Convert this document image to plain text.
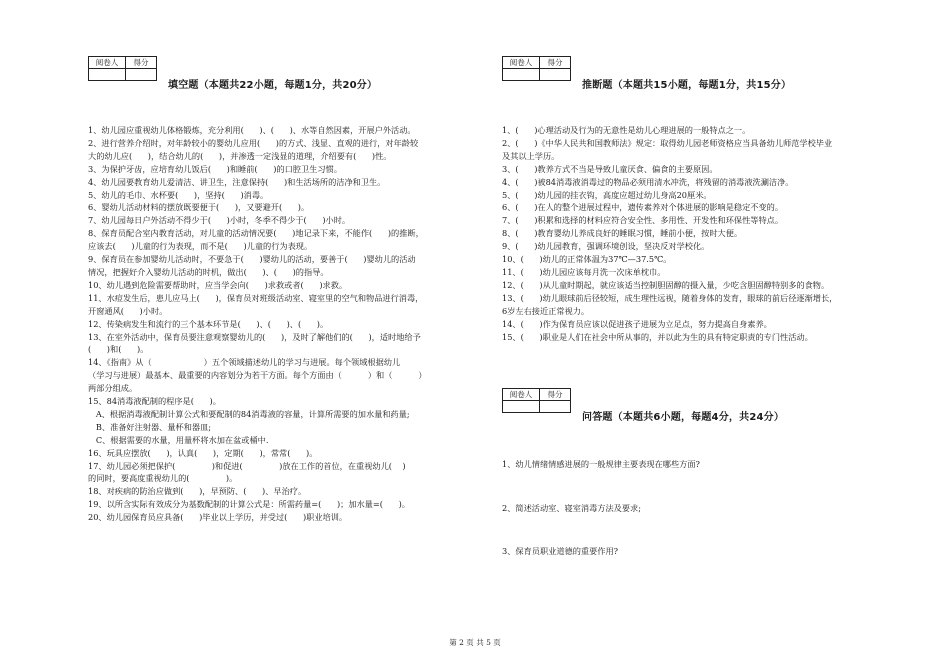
阅卷人	得分

填空题（本题共22小题，每题1分，共20分）
1、幼儿园应重视幼儿体格锻炼，充分利用(      )、(      )、水等自然因素，开展户外活动。
2、进行营养介绍时，对年龄较小的婴幼儿应用(      )的方式、浅显、直观的进行，对年龄较
大的幼儿应(      )，结合幼儿的(      )，并渗透一定浅显的道理，介绍要有(      )性。
3、为保护牙齿，应培育幼儿饭后(      )和睡前(      )的口腔卫生习惯。
4、幼儿园要教育幼儿爱清洁、讲卫生，注意保持(      )和生活场所的洁净和卫生。
5、幼儿的毛巾、水杯要(      )，坚持(      )消毒。
6、婴幼儿活动材料的摆放既要便于(      )，又要避开(      )。
7、幼儿园每日户外活动不得少于(      )小时，冬季不得少于(      )小时。
8、保育员配合室内教育活动，对儿童的活动情况要(      )地记录下来，不能作(      )的推断，
应该去(      )儿童的行为表现，而不是(      )儿童的行为表现。
9、保育员在参加婴幼儿活动时，不要急于(      )婴幼儿的活动，要善于(      )婴幼儿的活动
情况，把握好介入婴幼儿活动的时机，做出(      )、(      )的指导。
10、幼儿遇到危险需要帮助时，应当学会向(      )求救或者(      )求救。
11、水痘发生后，患儿应马上(      )，保育员对班级活动室、寝室里的空气和物品进行消毒，
开窗通风(      )小时。
12、传染病发生和流行的三个基本环节是(      )、(      )、(      )。
13、在室外活动中，保育员要注意观察婴幼儿的(      )，及时了解他们的(      )，适时地给予
(      )和(      )。
14、《指南》从（                    ）五个领域描述幼儿的学习与进展。每个领域根据幼儿
（学习与进展）最基本、最重要的内容划分为若干方面。每个方面由（          ）和（          ）
两部分组成。
15、84消毒液配制的程序是(      )。
A、根据消毒液配制计算公式和要配制的84消毒液的容量，计算所需要的加水量和药量;
B、准备好注射器、量杯和器皿;
C、根据需要的水量，用量杯将水加在盆或桶中.
16、玩具应摆放(      )，认真(      )，定期(      )，常常(      )。
17、幼儿园必须把保护(              )和促进(              )放在工作的首位，在重视幼儿(    )
的同时，要高度重视幼儿的(              )。
18、对疾病的防治应做到(      )，早预防、(      )、早治疗。
19、以所含实际有效成分为基数配制的计算公式是：所需药量=(      )；加水量=(      )。
20、幼儿园保育员应具备(      )毕业以上学历，并受过(      )职业培训。
阅卷人	得分

推断题（本题共15小题，每题1分，共15分）
1、(      )心理活动及行为的无意性是幼儿心理进展的一般特点之一。
2、(      )《中华人民共和国教师法》规定：取得幼儿园老师资格应当具备幼儿师范学校毕业
及其以上学历。
3、(      )教养方式不当是导致儿童厌食、偏食的主要原因。
4、(      )被84消毒液消毒过的物品必须用清水冲洗，将残留的消毒液洗涮洁净。
5、(      )幼儿园的挂衣钩，高度应超过幼儿身高20厘米。
6、(      )在人的整个进展过程中，遗传素养对个体进展的影响是稳定不变的。
7、(      )积累和选择的材料应符合安全性、多用性、开发性和环保性等特点。
8、(      )教育婴幼儿养成良好的睡眠习惯，睡前小便，按时大便。
9、(      )幼儿园教育，强调环境创设，坚决反对学校化。
10、(      )幼儿的正常体温为37℃—37.5℃。
11、(      )幼儿园应该每月洗一次床单枕巾。
12、(      )从儿童时期起，就应该适当控制胆固醇的摄入量，少吃含胆固醇特别多的食物。
13、(      )幼儿眼球前后径较短，成生理性远视，随着身体的发育，眼球的前后径逐渐增长，
6岁左右接近正常视力。
14、(      )作为保育员应该以促进孩子进展为立足点，努力提高自身素养。
15、(      )职业是人们在社会中所从事的，并以此为生的具有特定职责的专门性活动。
阅卷人	得分

问答题（本题共6小题，每题4分，共24分）
1、幼儿情绪情感进展的一般规律主要表现在哪些方面?
2、简述活动室、寝室消毒方法及要求;
3、保育员职业道德的重要作用?
第 2 页 共 5 页
